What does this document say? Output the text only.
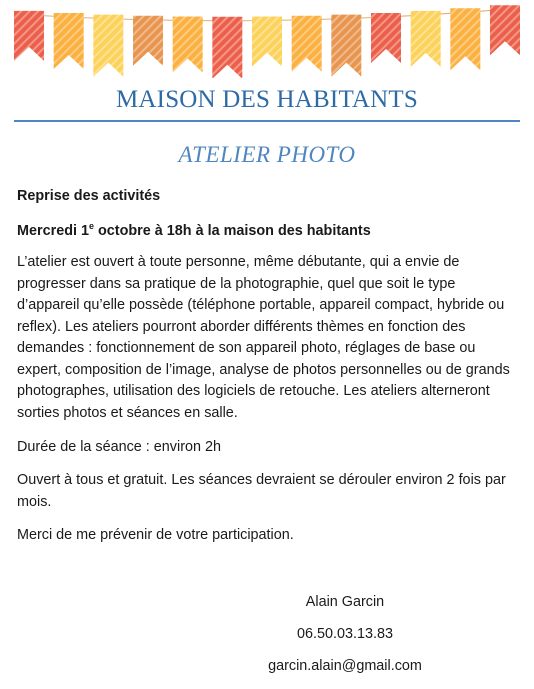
MAISON DES HABITANTS
ATELIER PHOTO
Reprise des activités
Mercredi 1e octobre à 18h à la maison des habitants
L’atelier est ouvert à toute personne, même débutante, qui a envie de progresser dans sa pratique de la photographie, quel que soit le type d’appareil qu’elle possède (téléphone portable, appareil compact, hybride ou reflex). Les ateliers pourront aborder différents thèmes en fonction des demandes : fonctionnement de son appareil photo, réglages de base ou expert, composition de l’image, analyse de photos personnelles ou de grands photographes, utilisation des logiciels de retouche. Les ateliers alterneront sorties photos et séances en salle.
Durée de la séance : environ 2h
Ouvert à tous et gratuit. Les séances devraient se dérouler environ 2 fois par mois.
Merci de me prévenir de votre participation.
Alain Garcin
06.50.03.13.83
garcin.alain@gmail.com
